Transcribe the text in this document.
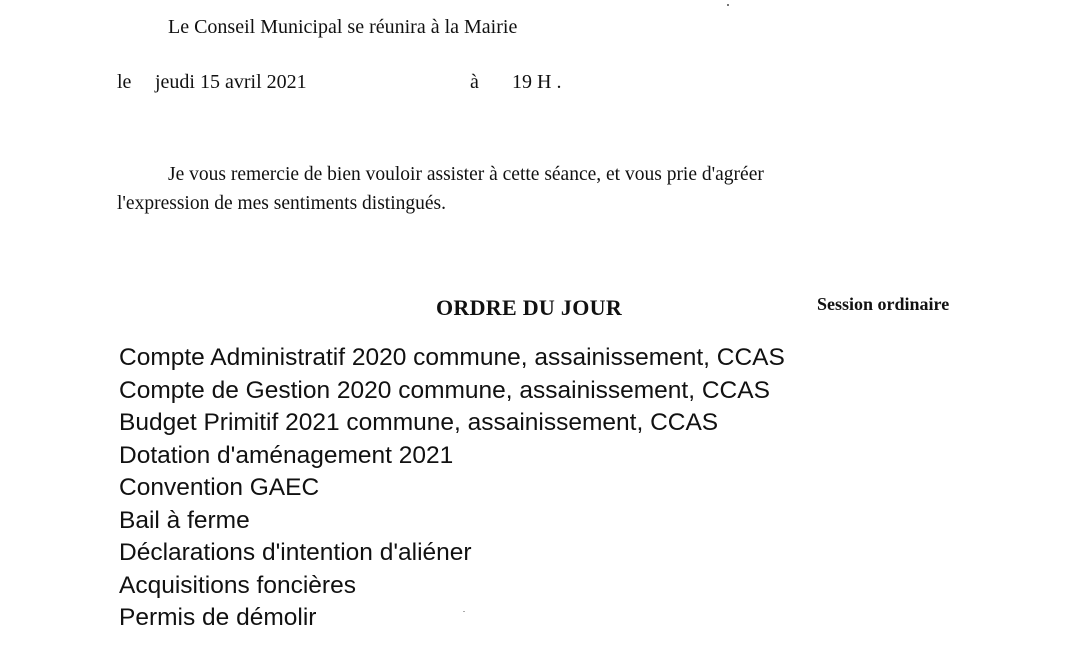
Le Conseil Municipal se réunira à la Mairie
le jeudi 15 avril 2021	à 19 H .
Je vous remercie de bien vouloir assister à cette séance, et vous prie d'agréer
l'expression de mes sentiments distingués.
ORDRE DU JOUR	Session ordinaire
Compte Administratif 2020 commune, assainissement, CCAS
Compte de Gestion 2020 commune, assainissement, CCAS
Budget Primitif 2021 commune, assainissement, CCAS
Dotation d'aménagement 2021
Convention GAEC
Bail à ferme
Déclarations d'intention d'aliéner
Acquisitions foncières
Permis de démolir
